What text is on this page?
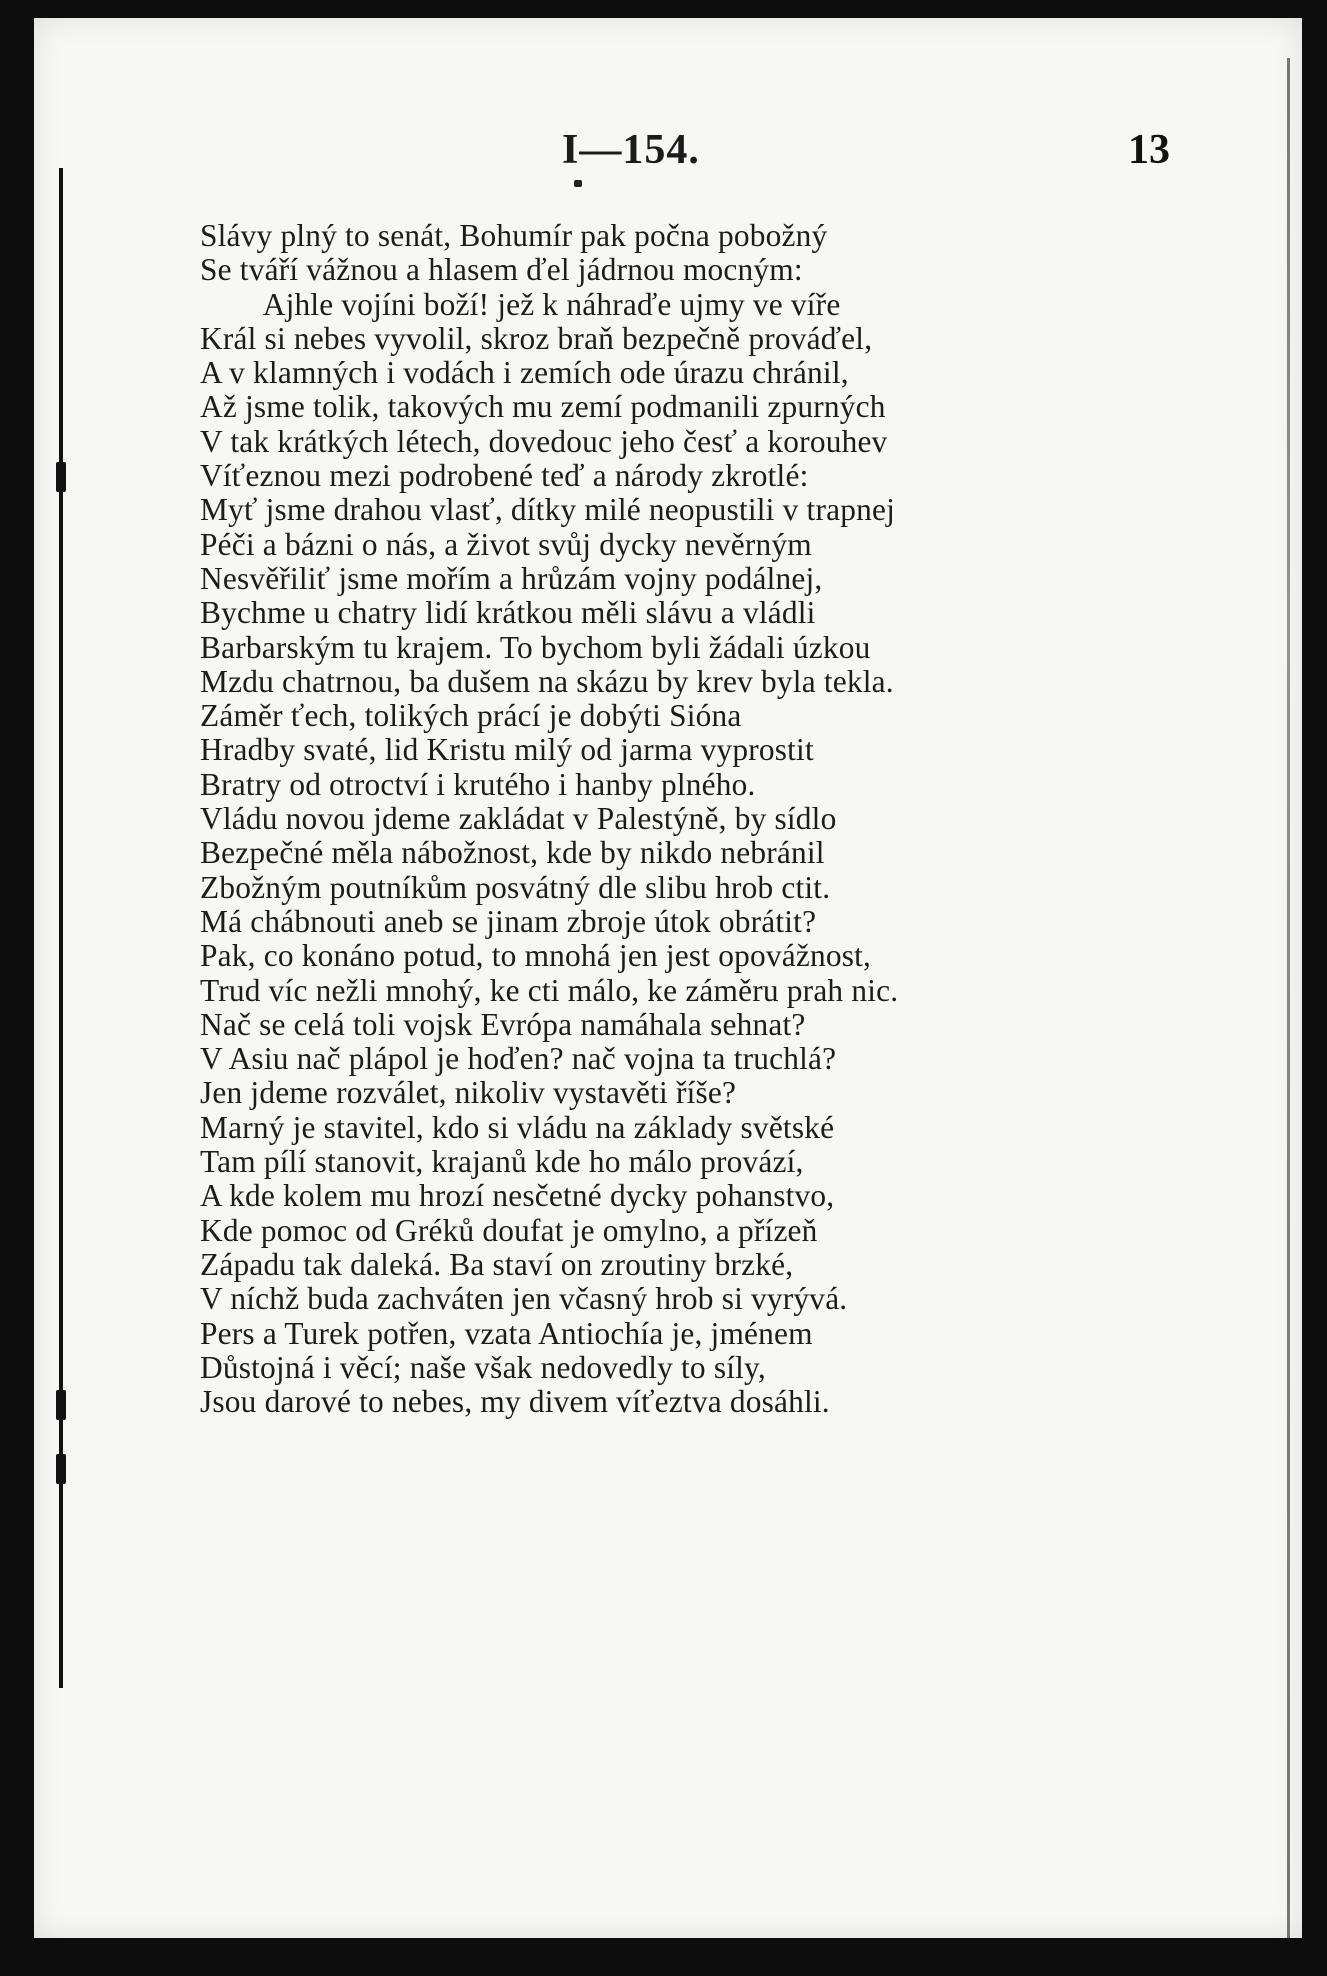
I—154.	13
Slávy plný to senát, Bohumír pak počna pobožný
Se tváří vážnou a hlasem ďel jádrnou mocným:
Ajhle vojíni boží! jež k náhraďe ujmy ve víře
Král si nebes vyvolil, skroz braň bezpečně prováďel,
A v klamných i vodách i zemích ode úrazu chránil,
Až jsme tolik, takových mu zemí podmanili zpurných
V tak krátkých létech, dovedouc jeho česť a korouhev
Víťeznou mezi podrobené teď a národy zkrotlé:
Myť jsme drahou vlasť, dítky milé neopustili v trapnej
Péči a bázni o nás, a život svůj dycky nevěrným
Nesvěřiliť jsme mořím a hrůzám vojny podálnej,
Bychme u chatry lidí krátkou měli slávu a vládli
Barbarským tu krajem. To bychom byli žádali úzkou
Mzdu chatrnou, ba dušem na skázu by krev byla tekla.
Záměr ťech, tolikých prácí je dobýti Sióna
Hradby svaté, lid Kristu milý od jarma vyprostit
Bratry od otroctví i krutého i hanby plného.
Vládu novou jdeme zakládat v Palestýně, by sídlo
Bezpečné měla nábožnost, kde by nikdo nebránil
Zbožným poutníkům posvátný dle slibu hrob ctit.
Má chábnouti aneb se jinam zbroje útok obrátit?
Pak, co konáno potud, to mnohá jen jest opovážnost,
Trud víc nežli mnohý, ke cti málo, ke záměru prah nic.
Nač se celá toli vojsk Evrópa namáhala sehnat?
V Asiu nač plápol je hoďen? nač vojna ta truchlá?
Jen jdeme rozválet, nikoliv vystavěti říše?
Marný je stavitel, kdo si vládu na základy světské
Tam pílí stanovit, krajanů kde ho málo provází,
A kde kolem mu hrozí nesčetné dycky pohanstvo,
Kde pomoc od Gréků doufat je omylno, a přízeň
Západu tak daleká. Ba staví on zroutiny brzké,
V níchž buda zachváten jen včasný hrob si vyrývá.
Pers a Turek potřen, vzata Antiochía je, jménem
Důstojná i věcí; naše však nedovedly to síly,
Jsou darové to nebes, my divem víťeztva dosáhli.
